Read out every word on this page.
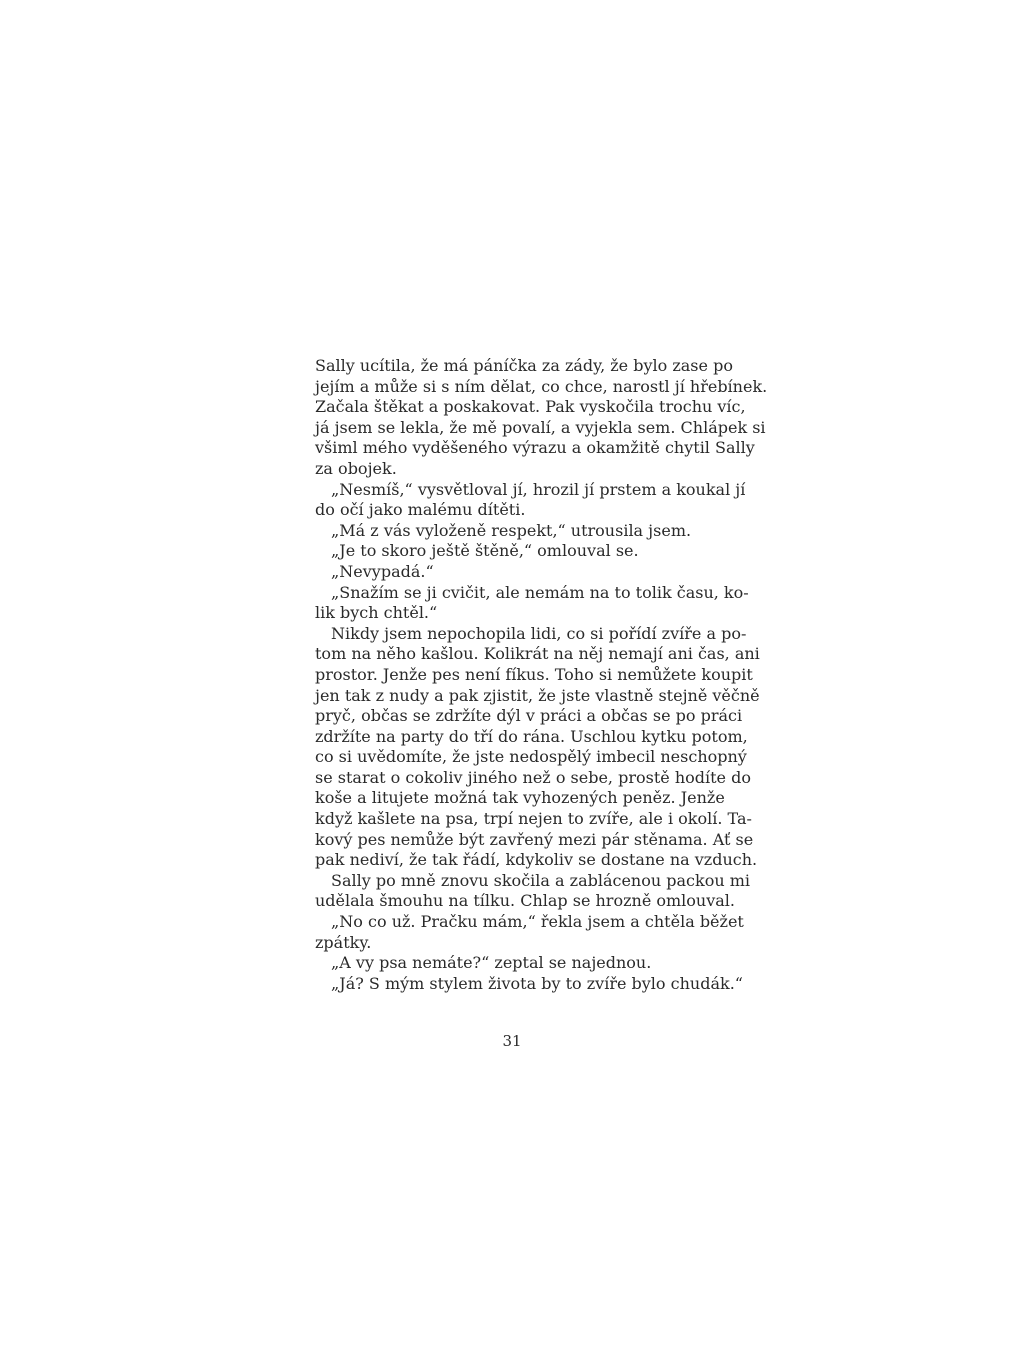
Sally ucítila, že má páníčka za zády, že bylo zase po
jejím a může si s ním dělat, co chce, narostl jí hřebínek.
Začala štěkat a poskakovat. Pak vyskočila trochu víc,
já jsem se lekla, že mě povalí, a vyjekla sem. Chlápek si
všiml mého vyděšeného výrazu a okamžitě chytil Sally
za obojek.
„Nesmíš,“ vysvětloval jí, hrozil jí prstem a koukal jí
do očí jako malému dítěti.
„Má z vás vyloženě respekt,“ utrousila jsem.
„Je to skoro ještě štěně,“ omlouval se.
„Nevypadá.“
„Snažím se ji cvičit, ale nemám na to tolik času, ko-
lik bych chtěl.“
Nikdy jsem nepochopila lidi, co si pořídí zvíře a po-
tom na něho kašlou. Kolikrát na něj nemají ani čas, ani
prostor. Jenže pes není fíkus. Toho si nemůžete koupit
jen tak z nudy a pak zjistit, že jste vlastně stejně věčně
pryč, občas se zdržíte dýl v práci a občas se po práci
zdržíte na party do tří do rána. Uschlou kytku potom,
co si uvědomíte, že jste nedospělý imbecil neschopný
se starat o cokoliv jiného než o sebe, prostě hodíte do
koše a litujete možná tak vyhozených peněz. Jenže
když kašlete na psa, trpí nejen to zvíře, ale i okolí. Ta-
kový pes nemůže být zavřený mezi pár stěnama. Ať se
pak nediví, že tak řádí, kdykoliv se dostane na vzduch.
Sally po mně znovu skočila a zablácenou packou mi
udělala šmouhu na tílku. Chlap se hrozně omlouval.
„No co už. Pračku mám,“ řekla jsem a chtěla běžet
zpátky.
„A vy psa nemáte?“ zeptal se najednou.
„Já? S mým stylem života by to zvíře bylo chudák.“
31
